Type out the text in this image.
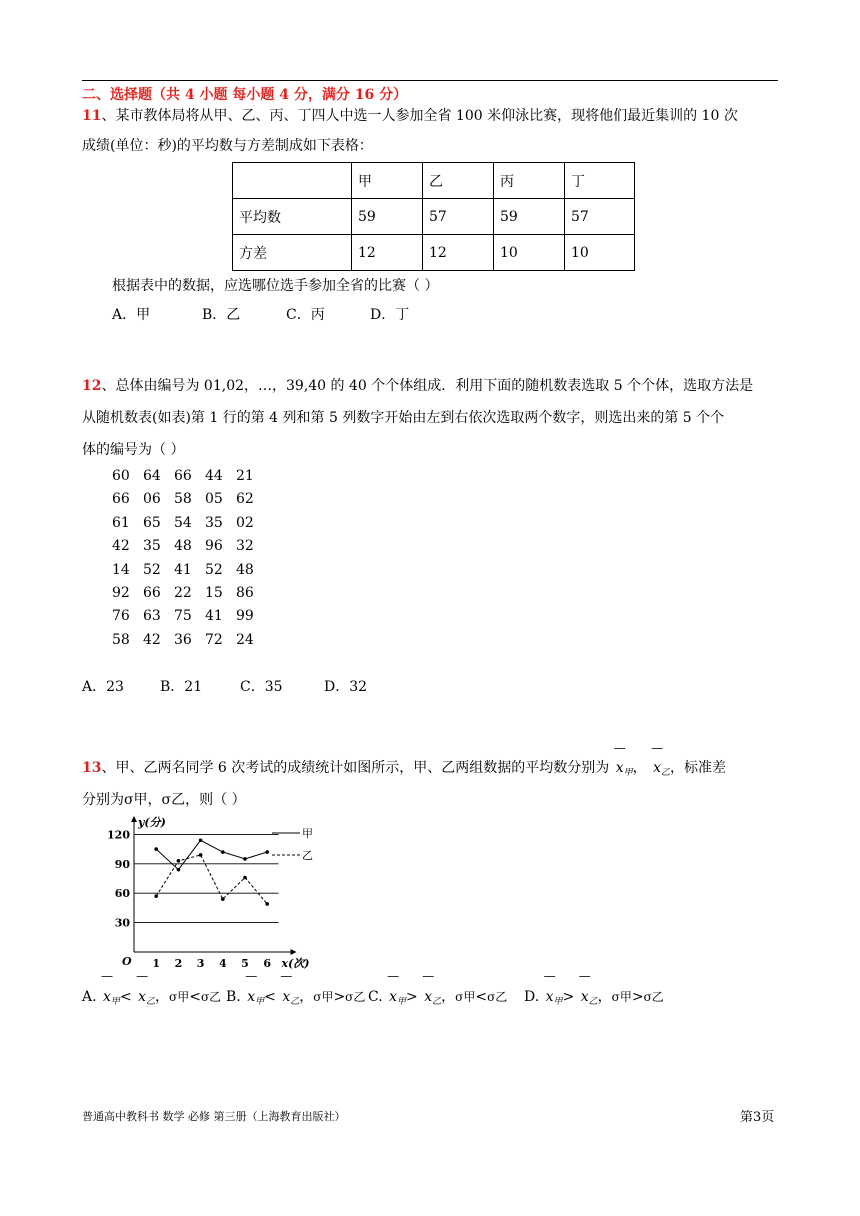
二、选择题（共 4 小题 每小题 4 分，满分 16 分）
11、某市教体局将从甲、乙、丙、丁四人中选一人参加全省 100 米仰泳比赛，现将他们最近集训的 10 次
成绩(单位：秒)的平均数与方差制成如下表格：
	甲	乙	丙	丁
平均数	59	57	59	57
方差	12	12	10	10
根据表中的数据，应选哪位选手参加全省的比赛（ ）
A．甲	B．乙	C．丙	D．丁
12、总体由编号为 01,02，…，39,40 的 40 个个体组成．利用下面的随机数表选取 5 个个体，选取方法是
从随机数表(如表)第 1 行的第 4 列和第 5 列数字开始由左到右依次选取两个数字，则选出来的第 5 个个
体的编号为（ ）
60 64 66 44 21
66 06 58 05 62
61 65 54 35 02
42 35 48 96 32
14 52 41 52 48
92 66 22 15 86
76 63 75 41 99
58 42 36 72 24
A．23	B．21	C．35	D．32
13、甲、乙两名同学 6 次考试的成绩统计如图所示，甲、乙两组数据的平均数分别为 — $x_甲$， — $x_乙$，标准差
分别为σ甲，σ乙，则（ ）
30
60
90
120
1 2 3 4 5 6
O
y(分)
x(次)
甲
乙
A. — $x_甲<$ — $x_乙$，σ甲<σ乙 B. — $x_甲<$ — $x_乙$，σ甲>σ乙 C. — $x_甲>$ — $x_乙$，σ甲<σ乙 D. — $x_甲>$ — $x_乙$，σ甲>σ乙
普通高中教科书 数学 必修 第三册（上海教育出版社）	第3页
